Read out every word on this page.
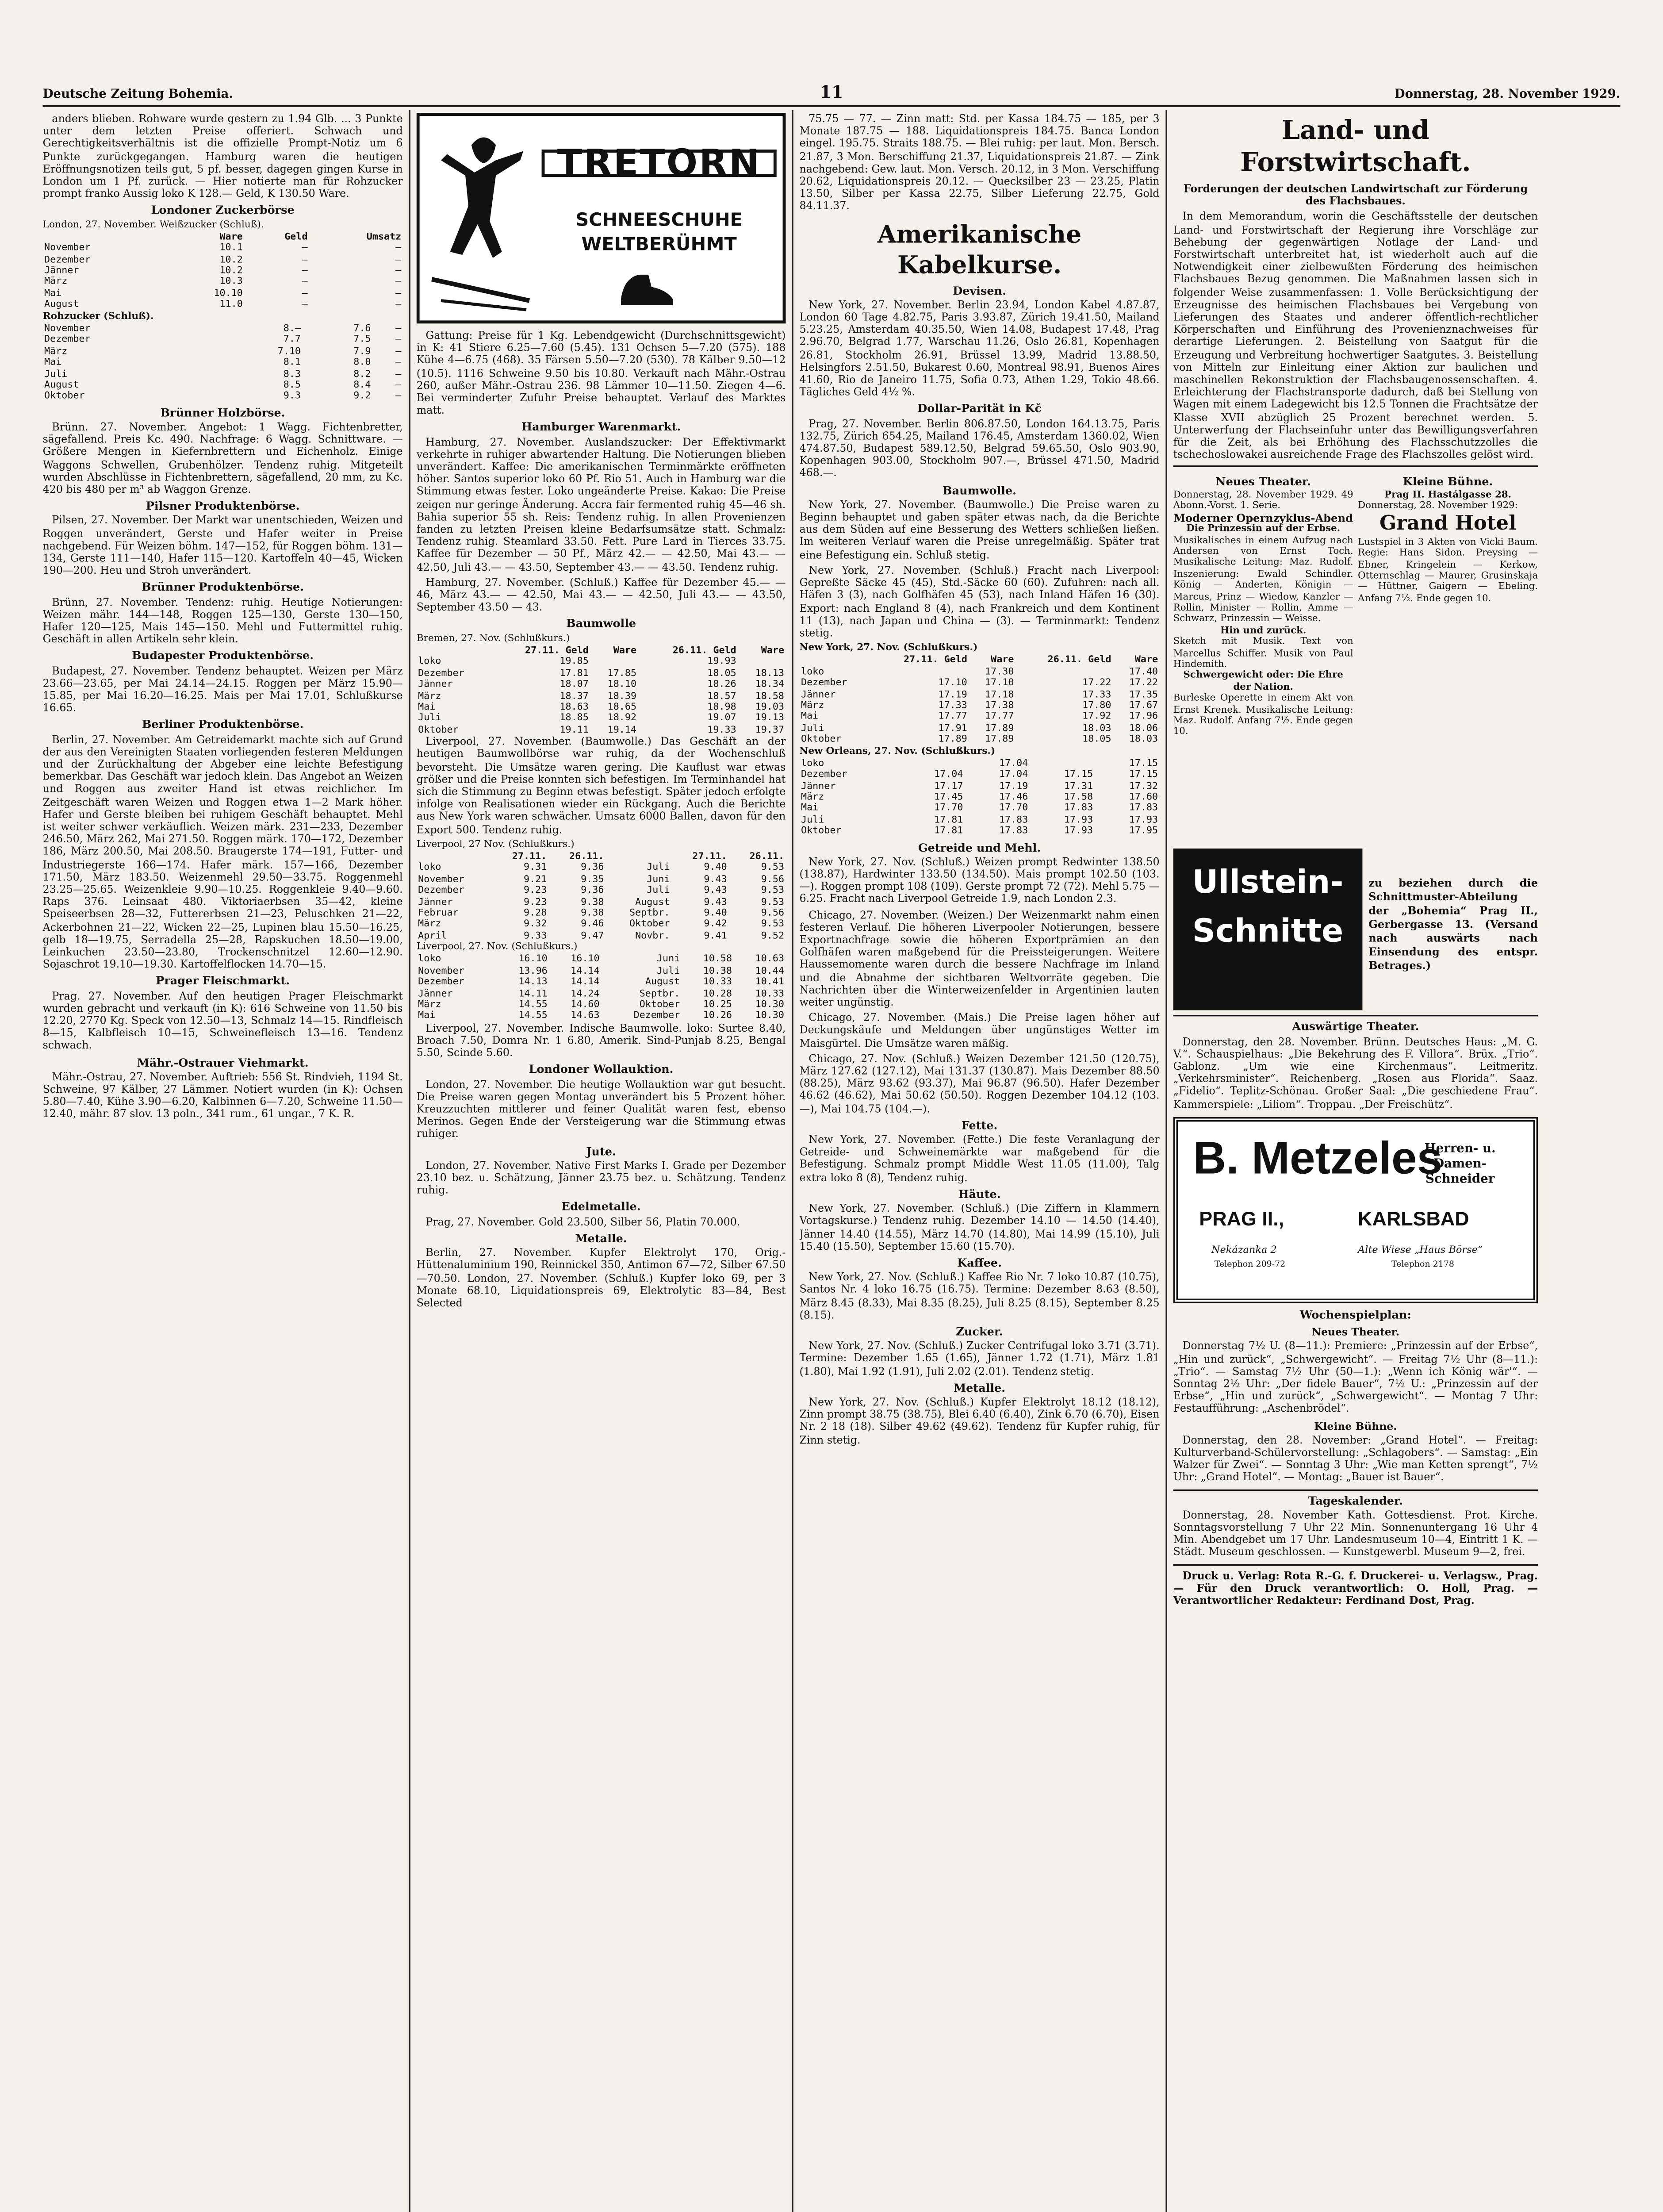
Deutsche Zeitung Bohemia.	11	Donnerstag, 28. November 1929.

anders blieben. Rohware wurde gestern zu 1.94 Glb. ... 3 Punkte unter dem letzten Preise offeriert. Schwach und Gerechtigkeitsverhältnis ist die offizielle Prompt-Notiz um 6 Punkte zurückgegangen. Hamburg waren die heutigen Eröffnungsnotizen teils gut, 5 pf. besser, dagegen gingen Kurse in London um 1 Pf. zurück. — Hier notierte man für Rohzucker prompt franko Aussig loko K 128.— Geld, K 130.50 Ware.

Londoner Zuckerbörse
London, 27. November. Weißzucker (Schluß).
	Ware	Geld	Umsatz
November	10.1	—	—
Dezember	10.2	—	—
Jänner	10.2	—	—
März	10.3	—	—
Mai	10.10	—	—
August	11.0	—	—
Rohzucker (Schluß).
November	8.—	7.6	—
Dezember	7.7	7.5	—
März	7.10	7.9	—
Mai	8.1	8.0	—
Juli	8.3	8.2	—
August	8.5	8.4	—
Oktober	9.3	9.2	—
Brünner Holzbörse.

Brünn. 27. November. Angebot: 1 Wagg. Fichtenbretter, sägefallend. Preis Kc. 490. Nachfrage: 6 Wagg. Schnittware. — Größere Mengen in Kiefernbrettern und Eichenholz. Einige Waggons Schwellen, Grubenhölzer. Tendenz ruhig. Mitgeteilt wurden Abschlüsse in Fichtenbrettern, sägefallend, 20 mm, zu Kc. 420 bis 480 per m³ ab Waggon Grenze.

Pilsner Produktenbörse.

Pilsen, 27. November. Der Markt war unentschieden, Weizen und Roggen unverändert, Gerste und Hafer weiter in Preise nachgebend. Für Weizen böhm. 147—152, für Roggen böhm. 131—134, Gerste 111—140, Hafer 115—120. Kartoffeln 40—45, Wicken 190—200. Heu und Stroh unverändert.

Brünner Produktenbörse.

Brünn, 27. November. Tendenz: ruhig. Heutige Notierungen: Weizen mähr. 144—148, Roggen 125—130, Gerste 130—150, Hafer 120—125, Mais 145—150. Mehl und Futtermittel ruhig. Geschäft in allen Artikeln sehr klein.

Budapester Produktenbörse.

Budapest, 27. November. Tendenz behauptet. Weizen per März 23.66—23.65, per Mai 24.14—24.15. Roggen per März 15.90—15.85, per Mai 16.20—16.25. Mais per Mai 17.01, Schlußkurse 16.65.

Berliner Produktenbörse.

Berlin, 27. November. Am Getreidemarkt machte sich auf Grund der aus den Vereinigten Staaten vorliegenden festeren Meldungen und der Zurückhaltung der Abgeber eine leichte Befestigung bemerkbar. Das Geschäft war jedoch klein. Das Angebot an Weizen und Roggen aus zweiter Hand ist etwas reichlicher. Im Zeitgeschäft waren Weizen und Roggen etwa 1—2 Mark höher. Hafer und Gerste bleiben bei ruhigem Geschäft behauptet. Mehl ist weiter schwer verkäuflich. Weizen märk. 231—233, Dezember 246.50, März 262, Mai 271.50. Roggen märk. 170—172, Dezember 186, März 200.50, Mai 208.50. Braugerste 174—191, Futter- und Industriegerste 166—174. Hafer märk. 157—166, Dezember 171.50, März 183.50. Weizenmehl 29.50—33.75. Roggenmehl 23.25—25.65. Weizenkleie 9.90—10.25. Roggenkleie 9.40—9.60. Raps 376. Leinsaat 480. Viktoriaerbsen 35—42, kleine Speiseerbsen 28—32, Futtererbsen 21—23, Peluschken 21—22, Ackerbohnen 21—22, Wicken 22—25, Lupinen blau 15.50—16.25, gelb 18—19.75, Serradella 25—28, Rapskuchen 18.50—19.00, Leinkuchen 23.50—23.80, Trockenschnitzel 12.60—12.90. Sojaschrot 19.10—19.30. Kartoffelflocken 14.70—15.

Prager Fleischmarkt.

Prag. 27. November. Auf den heutigen Prager Fleischmarkt wurden gebracht und verkauft (in K): 616 Schweine von 11.50 bis 12.20, 2770 Kg. Speck von 12.50—13, Schmalz 14—15. Rindfleisch 8—15, Kalbfleisch 10—15, Schweinefleisch 13—16. Tendenz schwach.

Mähr.-Ostrauer Viehmarkt.

Mähr.-Ostrau, 27. November. Auftrieb: 556 St. Rindvieh, 1194 St. Schweine, 97 Kälber, 27 Lämmer. Notiert wurden (in K): Ochsen 5.80—7.40, Kühe 3.90—6.20, Kalbinnen 6—7.20, Schweine 11.50—12.40, mähr. 87 slov. 13 poln., 341 rum., 61 ungar., 7 K. R.

TRETORN
SCHNEESCHUHE
WELTBERÜHMT

Gattung: Preise für 1 Kg. Lebendgewicht (Durchschnittsgewicht) in K: 41 Stiere 6.25—7.60 (5.45). 131 Ochsen 5—7.20 (575). 188 Kühe 4—6.75 (468). 35 Färsen 5.50—7.20 (530). 78 Kälber 9.50—12 (10.5). 1116 Schweine 9.50 bis 10.80. Verkauft nach Mähr.-Ostrau 260, außer Mähr.-Ostrau 236. 98 Lämmer 10—11.50. Ziegen 4—6. Bei verminderter Zufuhr Preise behauptet. Verlauf des Marktes matt.

Hamburger Warenmarkt.

Hamburg, 27. November. Auslandszucker: Der Effektivmarkt verkehrte in ruhiger abwartender Haltung. Die Notierungen blieben unverändert. Kaffee: Die amerikanischen Terminmärkte eröffneten höher. Santos superior loko 60 Pf. Rio 51. Auch in Hamburg war die Stimmung etwas fester. Loko ungeänderte Preise. Kakao: Die Preise zeigen nur geringe Änderung. Accra fair fermented ruhig 45—46 sh. Bahia superior 55 sh. Reis: Tendenz ruhig. In allen Provenienzen fanden zu letzten Preisen kleine Bedarfsumsätze statt. Schmalz: Tendenz ruhig. Steamlard 33.50. Fett. Pure Lard in Tierces 33.75. Kaffee für Dezember — 50 Pf., März 42.— — 42.50, Mai 43.— — 42.50, Juli 43.— — 43.50, September 43.— — 43.50. Tendenz ruhig.

Hamburg, 27. November. (Schluß.) Kaffee für Dezember 45.— — 46, März 43.— — 42.50, Mai 43.— — 42.50, Juli 43.— — 43.50, September 43.50 — 43.

Baumwolle
Bremen, 27. Nov. (Schlußkurs.)
	27.11. Geld	Ware	26.11. Geld	Ware
loko	19.85		19.93	
Dezember	17.81	17.85	18.05	18.13
Jänner	18.07	18.10	18.26	18.34
März	18.37	18.39	18.57	18.58
Mai	18.63	18.65	18.98	19.03
Juli	18.85	18.92	19.07	19.13
Oktober	19.11	19.14	19.33	19.37

Liverpool, 27. November. (Baumwolle.) Das Geschäft an der heutigen Baumwollbörse war ruhig, da der Wochenschluß bevorsteht. Die Umsätze waren gering. Die Kauflust war etwas größer und die Preise konnten sich befestigen. Im Terminhandel hat sich die Stimmung zu Beginn etwas befestigt. Später jedoch erfolgte infolge von Realisationen wieder ein Rückgang. Auch die Berichte aus New York waren schwächer. Umsatz 6000 Ballen, davon für den Export 500. Tendenz ruhig.

Liverpool, 27 Nov. (Schlußkurs.)
	27.11.	26.11.		27.11.	26.11.
loko	9.31	9.36	Juli	9.40	9.53
November	9.21	9.35	Juni	9.43	9.56
Dezember	9.23	9.36	Juli	9.43	9.53
Jänner	9.23	9.38	August	9.43	9.53
Februar	9.28	9.38	Septbr.	9.40	9.56
März	9.32	9.46	Oktober	9.42	9.53
April	9.33	9.47	Novbr.	9.41	9.52
Liverpool, 27. Nov. (Schlußkurs.)
loko	16.10	16.10	Juni	10.58	10.63
November	13.96	14.14	Juli	10.38	10.44
Dezember	14.13	14.14	August	10.33	10.41
Jänner	14.11	14.24	Septbr.	10.28	10.33
März	14.55	14.60	Oktober	10.25	10.30
Mai	14.55	14.63	Dezember	10.26	10.30

Liverpool, 27. November. Indische Baumwolle. loko: Surtee 8.40, Broach 7.50, Domra Nr. 1 6.80, Amerik. Sind-Punjab 8.25, Bengal 5.50, Scinde 5.60.

Londoner Wollauktion.

London, 27. November. Die heutige Wollauktion war gut besucht. Die Preise waren gegen Montag unverändert bis 5 Prozent höher. Kreuzzuchten mittlerer und feiner Qualität waren fest, ebenso Merinos. Gegen Ende der Versteigerung war die Stimmung etwas ruhiger.

Jute.

London, 27. November. Native First Marks I. Grade per Dezember 23.10 bez. u. Schätzung, Jänner 23.75 bez. u. Schätzung. Tendenz ruhig.

Edelmetalle.

Prag, 27. November. Gold 23.500, Silber 56, Platin 70.000.

Metalle.

Berlin, 27. November. Kupfer Elektrolyt 170, Orig.-Hüttenaluminium 190, Reinnickel 350, Antimon 67—72, Silber 67.50—70.50. London, 27. November. (Schluß.) Kupfer loko 69, per 3 Monate 68.10, Liquidationspreis 69, Elektrolytic 83—84, Best Selected

75.75 — 77. — Zinn matt: Std. per Kassa 184.75 — 185, per 3 Monate 187.75 — 188. Liquidationspreis 184.75. Banca London eingel. 195.75. Straits 188.75. — Blei ruhig: per laut. Mon. Bersch. 21.87, 3 Mon. Berschiffung 21.37, Liquidationspreis 21.87. — Zink nachgebend: Gew. laut. Mon. Versch. 20.12, in 3 Mon. Verschiffung 20.62, Liquidationspreis 20.12. — Quecksilber 23 — 23.25, Platin 13.50, Silber per Kassa 22.75, Silber Lieferung 22.75, Gold 84.11.37.

Amerikanische Kabelkurse.
Devisen.

New York, 27. November. Berlin 23.94, London Kabel 4.87.87, London 60 Tage 4.82.75, Paris 3.93.87, Zürich 19.41.50, Mailand 5.23.25, Amsterdam 40.35.50, Wien 14.08, Budapest 17.48, Prag 2.96.70, Belgrad 1.77, Warschau 11.26, Oslo 26.81, Kopenhagen 26.81, Stockholm 26.91, Brüssel 13.99, Madrid 13.88.50, Helsingfors 2.51.50, Bukarest 0.60, Montreal 98.91, Buenos Aires 41.60, Rio de Janeiro 11.75, Sofia 0.73, Athen 1.29, Tokio 48.66. Tägliches Geld 4½ %.

Dollar-Parität in Kč

Prag, 27. November. Berlin 806.87.50, London 164.13.75, Paris 132.75, Zürich 654.25, Mailand 176.45, Amsterdam 1360.02, Wien 474.87.50, Budapest 589.12.50, Belgrad 59.65.50, Oslo 903.90, Kopenhagen 903.00, Stockholm 907.—, Brüssel 471.50, Madrid 468.—.

Baumwolle.

New York, 27. November. (Baumwolle.) Die Preise waren zu Beginn behauptet und gaben später etwas nach, da die Berichte aus dem Süden auf eine Besserung des Wetters schließen ließen. Im weiteren Verlauf waren die Preise unregelmäßig. Später trat eine Befestigung ein. Schluß stetig.

New York, 27. November. (Schluß.) Fracht nach Liverpool: Gepreßte Säcke 45 (45), Std.-Säcke 60 (60). Zufuhren: nach all. Häfen 3 (3), nach Golfhäfen 45 (53), nach Inland Häfen 16 (30). Export: nach England 8 (4), nach Frankreich und dem Kontinent 11 (13), nach Japan und China — (3). — Terminmarkt: Tendenz stetig.

New York, 27. Nov. (Schlußkurs.)
	27.11. Geld	Ware	26.11. Geld	Ware
loko		17.30		17.40
Dezember	17.10	17.10	17.22	17.22
Jänner	17.19	17.18	17.33	17.35
März	17.33	17.38	17.80	17.67
Mai	17.77	17.77	17.92	17.96
Juli	17.91	17.89	18.03	18.06
Oktober	17.89	17.89	18.05	18.03
New Orleans, 27. Nov. (Schlußkurs.)
loko		17.04		17.15
Dezember	17.04	17.04	17.15	17.15
Jänner	17.17	17.19	17.31	17.32
März	17.45	17.46	17.58	17.60
Mai	17.70	17.70	17.83	17.83
Juli	17.81	17.83	17.93	17.93
Oktober	17.81	17.83	17.93	17.95
Getreide und Mehl.

New York, 27. Nov. (Schluß.) Weizen prompt Redwinter 138.50 (138.87), Hardwinter 133.50 (134.50). Mais prompt 102.50 (103.—). Roggen prompt 108 (109). Gerste prompt 72 (72). Mehl 5.75 — 6.25. Fracht nach Liverpool Getreide 1.9, nach London 2.3.

Chicago, 27. November. (Weizen.) Der Weizenmarkt nahm einen festeren Verlauf. Die höheren Liverpooler Notierungen, bessere Exportnachfrage sowie die höheren Exportprämien an den Golfhäfen waren maßgebend für die Preissteigerungen. Weitere Haussemomente waren durch die bessere Nachfrage im Inland und die Abnahme der sichtbaren Weltvorräte gegeben. Die Nachrichten über die Winterweizenfelder in Argentinien lauten weiter ungünstig.

Chicago, 27. November. (Mais.) Die Preise lagen höher auf Deckungskäufe und Meldungen über ungünstiges Wetter im Maisgürtel. Die Umsätze waren mäßig.

Chicago, 27. Nov. (Schluß.) Weizen Dezember 121.50 (120.75), März 127.62 (127.12), Mai 131.37 (130.87). Mais Dezember 88.50 (88.25), März 93.62 (93.37), Mai 96.87 (96.50). Hafer Dezember 46.62 (46.62), Mai 50.62 (50.50). Roggen Dezember 104.12 (103.—), Mai 104.75 (104.—).

Fette.

New York, 27. November. (Fette.) Die feste Veranlagung der Getreide- und Schweinemärkte war maßgebend für die Befestigung. Schmalz prompt Middle West 11.05 (11.00), Talg extra loko 8 (8), Tendenz ruhig.

Häute.

New York, 27. November. (Schluß.) (Die Ziffern in Klammern Vortagskurse.) Tendenz ruhig. Dezember 14.10 — 14.50 (14.40), Jänner 14.40 (14.55), März 14.70 (14.80), Mai 14.99 (15.10), Juli 15.40 (15.50), September 15.60 (15.70).

Kaffee.

New York, 27. Nov. (Schluß.) Kaffee Rio Nr. 7 loko 10.87 (10.75), Santos Nr. 4 loko 16.75 (16.75). Termine: Dezember 8.63 (8.50), März 8.45 (8.33), Mai 8.35 (8.25), Juli 8.25 (8.15), September 8.25 (8.15).

Zucker.

New York, 27. Nov. (Schluß.) Zucker Centrifugal loko 3.71 (3.71). Termine: Dezember 1.65 (1.65), Jänner 1.72 (1.71), März 1.81 (1.80), Mai 1.92 (1.91), Juli 2.02 (2.01). Tendenz stetig.

Metalle.

New York, 27. Nov. (Schluß.) Kupfer Elektrolyt 18.12 (18.12), Zinn prompt 38.75 (38.75), Blei 6.40 (6.40), Zink 6.70 (6.70), Eisen Nr. 2 18 (18). Silber 49.62 (49.62). Tendenz für Kupfer ruhig, für Zinn stetig.

Land- und Forstwirtschaft.
Forderungen der deutschen Landwirtschaft zur Förderung des Flachsbaues.

In dem Memorandum, worin die Geschäftsstelle der deutschen Land- und Forstwirtschaft der Regierung ihre Vorschläge zur Behebung der gegenwärtigen Notlage der Land- und Forstwirtschaft unterbreitet hat, ist wiederholt auch auf die Notwendigkeit einer zielbewußten Förderung des heimischen Flachsbaues Bezug genommen. Die Maßnahmen lassen sich in folgender Weise zusammenfassen: 1. Volle Berücksichtigung der Erzeugnisse des heimischen Flachsbaues bei Vergebung von Lieferungen des Staates und anderer öffentlich-rechtlicher Körperschaften und Einführung des Provenienznachweises für derartige Lieferungen. 2. Beistellung von Saatgut für die Erzeugung und Verbreitung hochwertiger Saatgutes. 3. Beistellung von Mitteln zur Einleitung einer Aktion zur baulichen und maschinellen Rekonstruktion der Flachsbaugenossenschaften. 4. Erleichterung der Flachstransporte dadurch, daß bei Stellung von Wagen mit einem Ladegewicht bis 12.5 Tonnen die Frachtsätze der Klasse XVII abzüglich 25 Prozent berechnet werden. 5. Unterwerfung der Flachseinfuhr unter das Bewilligungsverfahren für die Zeit, als bei Erhöhung des Flachsschutzzolles die tschechoslowakei ausreichende Frage des Flachszolles gelöst wird.

Neues Theater.
Donnerstag, 28. November 1929. 49 Abonn.-Vorst. 1. Serie.
Moderner Opernzyklus-Abend
Die Prinzessin auf der Erbse.
Musikalisches in einem Aufzug nach Andersen von Ernst Toch. Musikalische Leitung: Maz. Rudolf. Inszenierung: Ewald Schindler. König — Anderten, Königin — Marcus, Prinz — Wiedow, Kanzler — Rollin, Minister — Rollin, Amme — Schwarz, Prinzessin — Weisse.
Hin und zurück.
Sketch mit Musik. Text von Marcellus Schiffer. Musik von Paul Hindemith.
Schwergewicht oder: Die Ehre der Nation.
Burleske Operette in einem Akt von Ernst Krenek. Musikalische Leitung: Maz. Rudolf. Anfang 7½. Ende gegen 10.
Kleine Bühne.
Prag II. Hastálgasse 28.
Donnerstag, 28. November 1929:
Grand Hotel
Lustspiel in 3 Akten von Vicki Baum. Regie: Hans Sidon. Preysing — Ebner, Kringelein — Kerkow, Otternschlag — Maurer, Grusinskaja — Hüttner, Gaigern — Ebeling. Anfang 7½. Ende gegen 10.
Ullstein-
Schnitte
zu beziehen durch die Schnittmuster-Abteilung der „Bohemia“ Prag II., Gerbergasse 13. (Versand nach auswärts nach Einsendung des entspr. Betrages.)
Auswärtige Theater.

Donnerstag, den 28. November. Brünn. Deutsches Haus: „M. G. V.“. Schauspielhaus: „Die Bekehrung des F. Villora“. Brüx. „Trio“. Gablonz. „Um wie eine Kirchenmaus“. Leitmeritz. „Verkehrsminister“. Reichenberg. „Rosen aus Florida“. Saaz. „Fidelio“. Teplitz-Schönau. Großer Saal: „Die geschiedene Frau“. Kammerspiele: „Liliom“. Troppau. „Der Freischütz“.

B. Metzeles
Herren- u. Damen-Schneider
PRAG II.,
Nekázanka 2
Telephon 209-72
KARLSBAD
Alte Wiese „Haus Börse“
Telephon 2178
Wochenspielplan:
Neues Theater.

Donnerstag 7½ U. (8—11.): Premiere: „Prinzessin auf der Erbse“, „Hin und zurück“, „Schwergewicht“. — Freitag 7½ Uhr (8—11.): „Trio“. — Samstag 7½ Uhr (50—1.): „Wenn ich König wär'“. — Sonntag 2½ Uhr: „Der fidele Bauer“, 7½ U.: „Prinzessin auf der Erbse“, „Hin und zurück“, „Schwergewicht“. — Montag 7 Uhr: Festaufführung: „Aschenbrödel“.

Kleine Bühne.

Donnerstag, den 28. November: „Grand Hotel“. — Freitag: Kulturverband-Schülervorstellung: „Schlagobers“. — Samstag: „Ein Walzer für Zwei“. — Sonntag 3 Uhr: „Wie man Ketten sprengt“, 7½ Uhr: „Grand Hotel“. — Montag: „Bauer ist Bauer“.

Tageskalender.

Donnerstag, 28. November Kath. Gottesdienst. Prot. Kirche. Sonntagsvorstellung 7 Uhr 22 Min. Sonnenuntergang 16 Uhr 4 Min. Abendgebet um 17 Uhr. Landesmuseum 10—4, Eintritt 1 K. — Städt. Museum geschlossen. — Kunstgewerbl. Museum 9—2, frei.

Druck u. Verlag: Rota R.-G. f. Druckerei- u. Verlagsw., Prag. — Für den Druck verantwortlich: O. Holl, Prag. — Verantwortlicher Redakteur: Ferdinand Dost, Prag.
